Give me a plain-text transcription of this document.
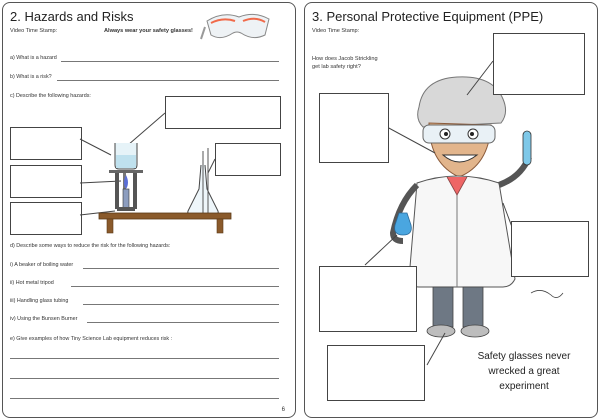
2. Hazards and Risks
Video Time Stamp:	Always wear your safety glasses!
a) What is a hazard
b) What is a risk?
c) Describe the following hazards:
d) Describe some ways to reduce the risk for the following hazards:
i) A beaker of boiling water
ii) Hot metal tripod
iii) Handling glass tubing
iv) Using the Bunsen Burner
e) Give examples of how Tiny Science Lab equipment reduces risk :
6
3. Personal Protective Equipment (PPE)
Video Time Stamp:
How does Jacob Strickling
get lab safety right?
Safety glasses never
wrecked a great
experiment
